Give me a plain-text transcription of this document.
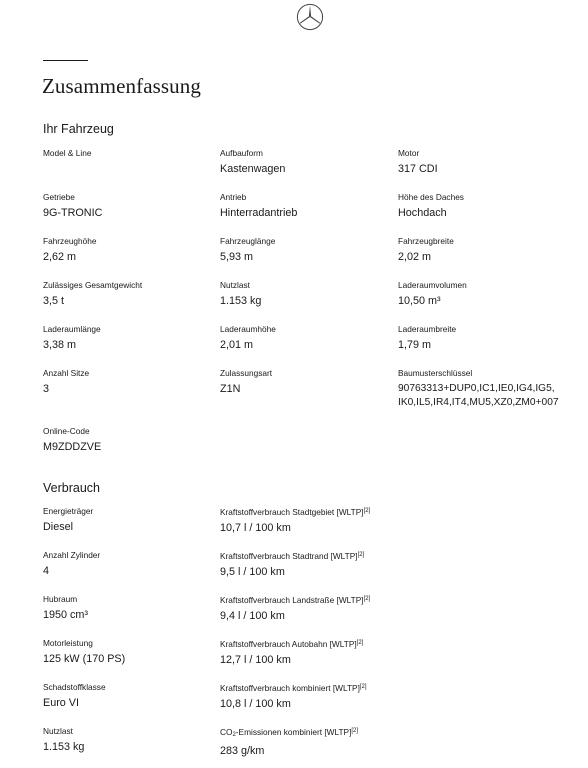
Zusammenfassung
Ihr Fahrzeug
Model & Line	Aufbauform
Kastenwagen
Motor
317 CDI
Getriebe
9G-TRONIC
Antrieb
Hinterradantrieb
Höhe des Daches
Hochdach
Fahrzeughöhe
2,62 m
Fahrzeuglänge
5,93 m
Fahrzeugbreite
2,02 m
Zulässiges Gesamtgewicht
3,5 t
Nutzlast
1.153 kg
Laderaumvolumen
10,50 m³
Laderaumlänge
3,38 m
Laderaumhöhe
2,01 m
Laderaumbreite
1,79 m
Anzahl Sitze
3
Zulassungsart
Z1N
Baumusterschlüssel
90763313+DUP0,IC1,IE0,IG4,IG5,
IK0,IL5,IR4,IT4,MU5,XZ0,ZM0+007
Online-Code
M9ZDDZVE
Verbrauch
Energieträger
Diesel
Anzahl Zylinder
4
Hubraum
1950 cm³
Motorleistung
125 kW (170 PS)
Schadstoffklasse
Euro VI
Nutzlast
1.153 kg
Kraftstoffverbrauch Stadtgebiet [WLTP][2]
10,7 l / 100 km
Kraftstoffverbrauch Stadtrand [WLTP][2]
9,5 l / 100 km
Kraftstoffverbrauch Landstraße [WLTP][2]
9,4 l / 100 km
Kraftstoffverbrauch Autobahn [WLTP][2]
12,7 l / 100 km
Kraftstoffverbrauch kombiniert [WLTP][2]
10,8 l / 100 km
CO2-Emissionen kombiniert [WLTP][2]
283 g/km
